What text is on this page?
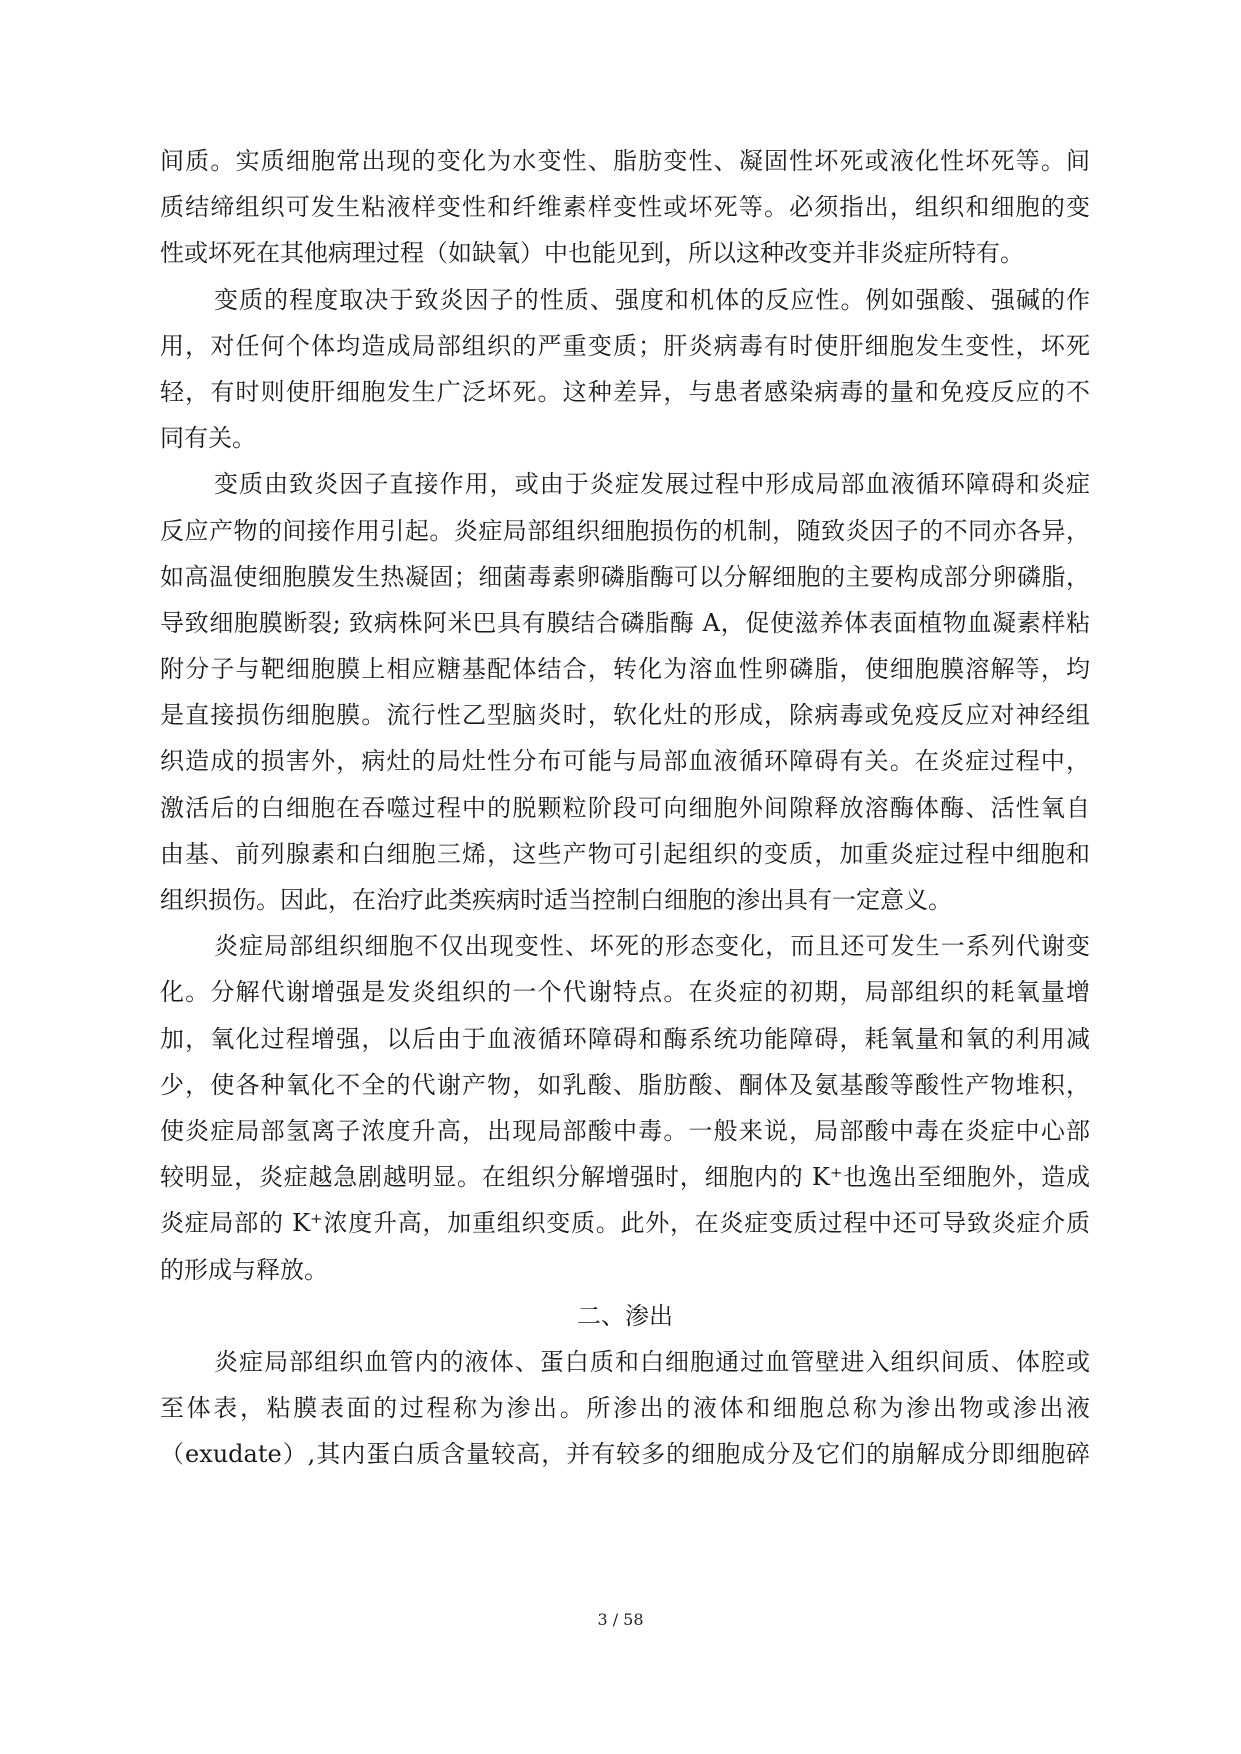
间质。实质细胞常出现的变化为水变性、脂肪变性、凝固性坏死或液化性坏死等。间
质结缔组织可发生粘液样变性和纤维素样变性或坏死等。必须指出，组织和细胞的变
性或坏死在其他病理过程（如缺氧）中也能见到，所以这种改变并非炎症所特有。
变质的程度取决于致炎因子的性质、强度和机体的反应性。例如强酸、强碱的作
用，对任何个体均造成局部组织的严重变质；肝炎病毒有时使肝细胞发生变性，坏死
轻，有时则使肝细胞发生广泛坏死。这种差异，与患者感染病毒的量和免疫反应的不
同有关。
变质由致炎因子直接作用，或由于炎症发展过程中形成局部血液循环障碍和炎症
反应产物的间接作用引起。炎症局部组织细胞损伤的机制，随致炎因子的不同亦各异，
如高温使细胞膜发生热凝固；细菌毒素卵磷脂酶可以分解细胞的主要构成部分卵磷脂，
导致细胞膜断裂; 致病株阿米巴具有膜结合磷脂酶 A，促使滋养体表面植物血凝素样粘
附分子与靶细胞膜上相应糖基配体结合，转化为溶血性卵磷脂，使细胞膜溶解等，均
是直接损伤细胞膜。流行性乙型脑炎时，软化灶的形成，除病毒或免疫反应对神经组
织造成的损害外，病灶的局灶性分布可能与局部血液循环障碍有关。在炎症过程中，
激活后的白细胞在吞噬过程中的脱颗粒阶段可向细胞外间隙释放溶酶体酶、活性氧自
由基、前列腺素和白细胞三烯，这些产物可引起组织的变质，加重炎症过程中细胞和
组织损伤。因此，在治疗此类疾病时适当控制白细胞的渗出具有一定意义。
炎症局部组织细胞不仅出现变性、坏死的形态变化，而且还可发生一系列代谢变
化。分解代谢增强是发炎组织的一个代谢特点。在炎症的初期，局部组织的耗氧量增
加，氧化过程增强，以后由于血液循环障碍和酶系统功能障碍，耗氧量和氧的利用减
少，使各种氧化不全的代谢产物，如乳酸、脂肪酸、酮体及氨基酸等酸性产物堆积，
使炎症局部氢离子浓度升高，出现局部酸中毒。一般来说，局部酸中毒在炎症中心部
较明显，炎症越急剧越明显。在组织分解增强时，细胞内的 K⁺也逸出至细胞外，造成
炎症局部的 K⁺浓度升高，加重组织变质。此外，在炎症变质过程中还可导致炎症介质
的形成与释放。
二、渗出
炎症局部组织血管内的液体、蛋白质和白细胞通过血管壁进入组织间质、体腔或
至体表，粘膜表面的过程称为渗出。所渗出的液体和细胞总称为渗出物或渗出液
（exudate）,其内蛋白质含量较高，并有较多的细胞成分及它们的崩解成分即细胞碎
3 / 58
